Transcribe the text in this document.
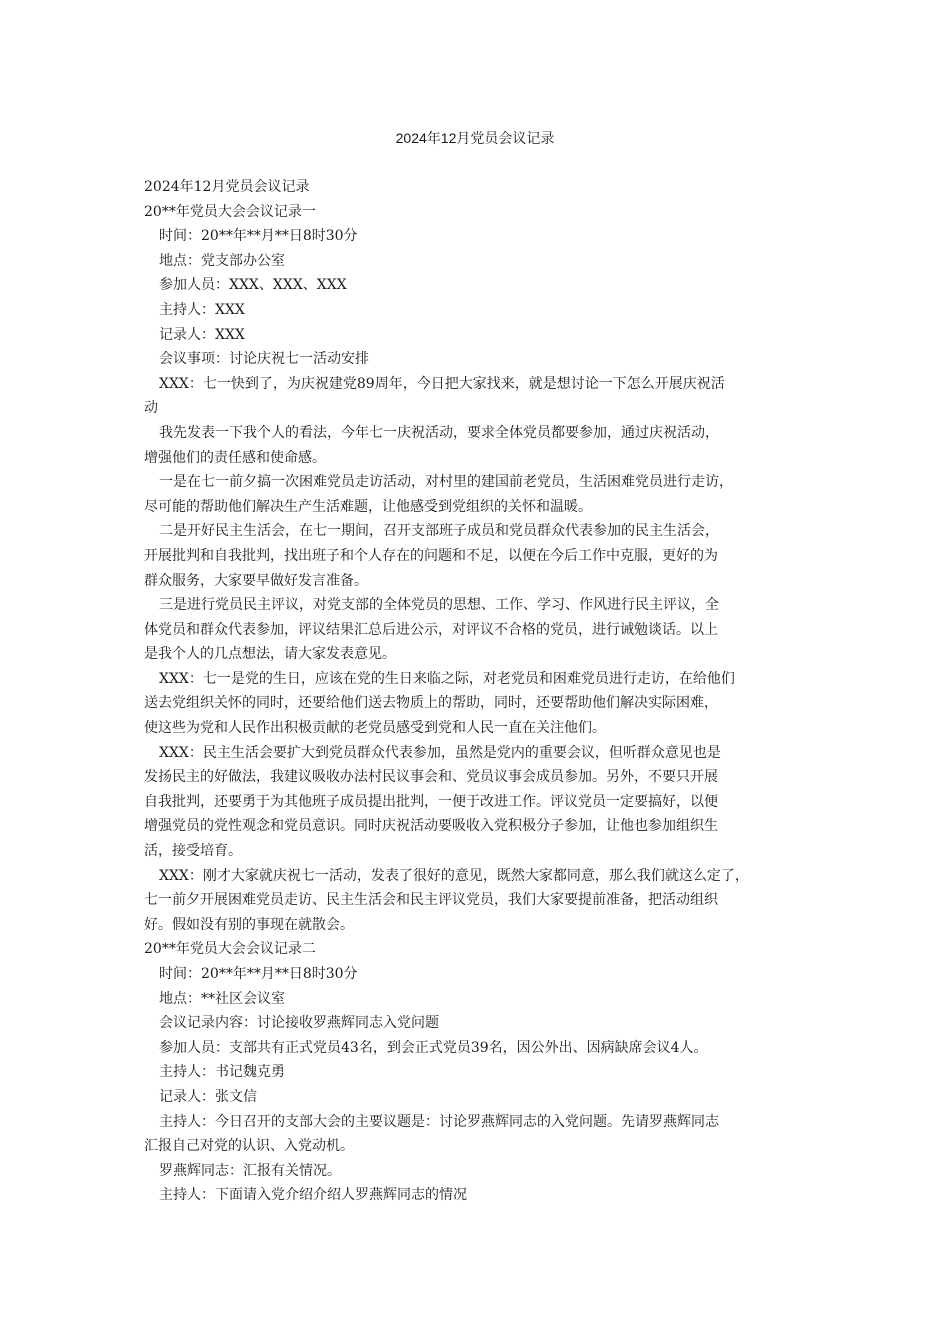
2024年12月党员会议记录
2024年12月党员会议记录
20**年党员大会会议记录一
时间：20**年**月**日8时30分
地点：党支部办公室
参加人员：XXX、XXX、XXX
主持人：XXX
记录人：XXX
会议事项：讨论庆祝七一活动安排
XXX：七一快到了，为庆祝建党89周年，今日把大家找来，就是想讨论一下怎么开展庆祝活
动
我先发表一下我个人的看法，今年七一庆祝活动，要求全体党员都要参加，通过庆祝活动，
增强他们的责任感和使命感。
一是在七一前夕搞一次困难党员走访活动，对村里的建国前老党员，生活困难党员进行走访，
尽可能的帮助他们解决生产生活难题，让他感受到党组织的关怀和温暖。
二是开好民主生活会，在七一期间，召开支部班子成员和党员群众代表参加的民主生活会，
开展批判和自我批判，找出班子和个人存在的问题和不足，以便在今后工作中克服，更好的为
群众服务，大家要早做好发言准备。
三是进行党员民主评议，对党支部的全体党员的思想、工作、学习、作风进行民主评议，全
体党员和群众代表参加，评议结果汇总后进公示，对评议不合格的党员，进行诫勉谈话。以上
是我个人的几点想法，请大家发表意见。
XXX：七一是党的生日，应该在党的生日来临之际，对老党员和困难党员进行走访，在给他们
送去党组织关怀的同时，还要给他们送去物质上的帮助，同时，还要帮助他们解决实际困难，
使这些为党和人民作出积极贡献的老党员感受到党和人民一直在关注他们。
XXX：民主生活会要扩大到党员群众代表参加，虽然是党内的重要会议，但听群众意见也是
发扬民主的好做法，我建议吸收办法村民议事会和、党员议事会成员参加。另外，不要只开展
自我批判，还要勇于为其他班子成员提出批判，一便于改进工作。评议党员一定要搞好，以便
增强党员的党性观念和党员意识。同时庆祝活动要吸收入党积极分子参加，让他也参加组织生
活，接受培育。
XXX：刚才大家就庆祝七一活动，发表了很好的意见，既然大家都同意，那么我们就这么定了，
七一前夕开展困难党员走访、民主生活会和民主评议党员，我们大家要提前准备，把活动组织
好。假如没有别的事现在就散会。
20**年党员大会会议记录二
时间：20**年**月**日8时30分
地点：**社区会议室
会议记录内容：讨论接收罗燕辉同志入党问题
参加人员：支部共有正式党员43名，到会正式党员39名，因公外出、因病缺席会议4人。
主持人：书记魏克勇
记录人：张文信
主持人：今日召开的支部大会的主要议题是：讨论罗燕辉同志的入党问题。先请罗燕辉同志
汇报自己对党的认识、入党动机。
罗燕辉同志：汇报有关情况。
主持人：下面请入党介绍介绍人罗燕辉同志的情况
